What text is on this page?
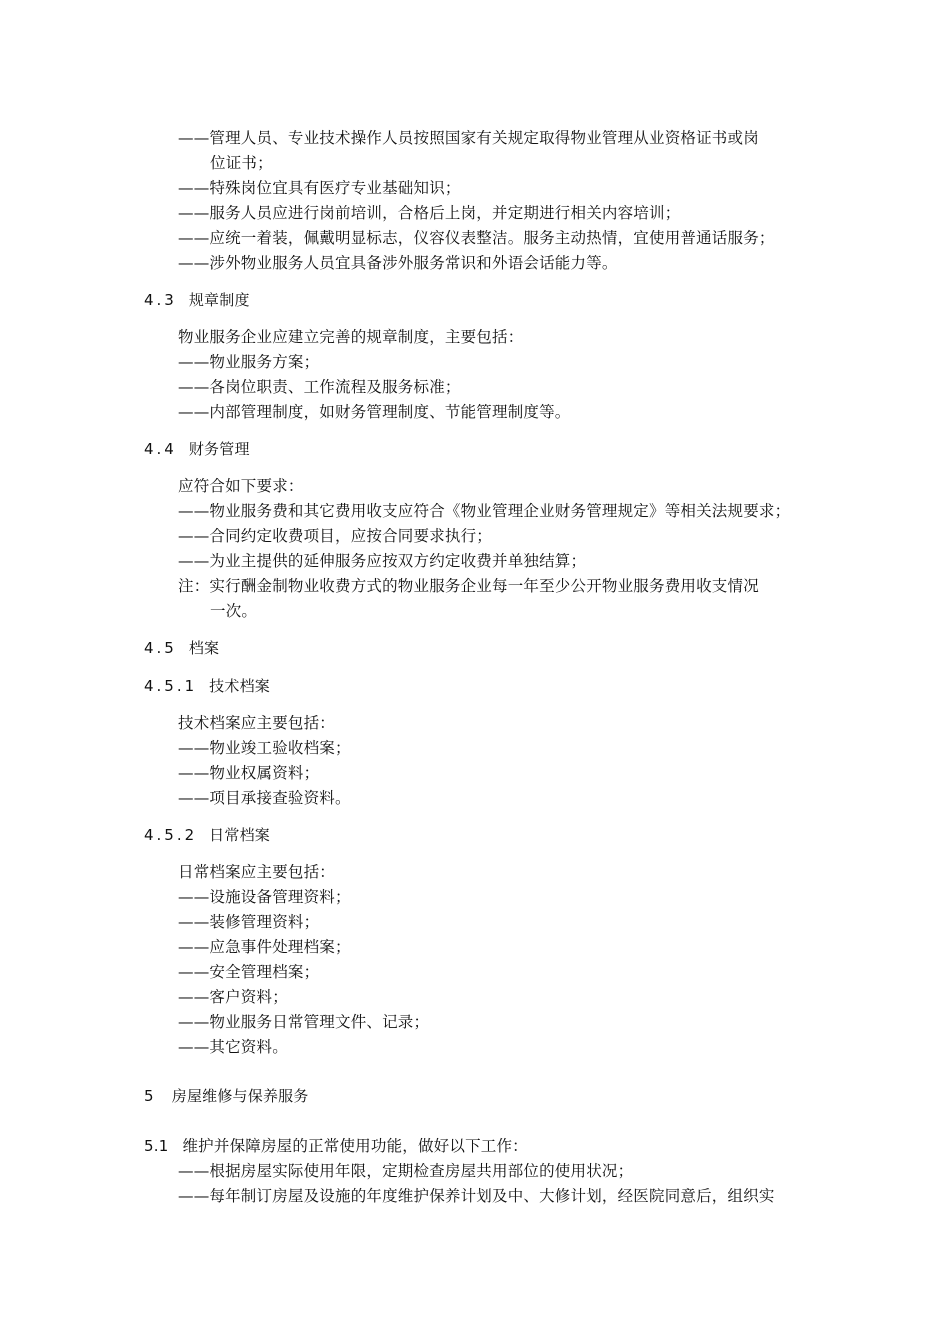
——管理人员、专业技术操作人员按照国家有关规定取得物业管理从业资格证书或岗
位证书；
——特殊岗位宜具有医疗专业基础知识；
——服务人员应进行岗前培训，合格后上岗，并定期进行相关内容培训；
——应统一着装，佩戴明显标志，仪容仪表整洁。服务主动热情，宜使用普通话服务；
——涉外物业服务人员宜具备涉外服务常识和外语会话能力等。
4.3 规章制度
物业服务企业应建立完善的规章制度，主要包括：
——物业服务方案；
——各岗位职责、工作流程及服务标准；
——内部管理制度，如财务管理制度、节能管理制度等。
4.4 财务管理
应符合如下要求：
——物业服务费和其它费用收支应符合《物业管理企业财务管理规定》等相关法规要求；
——合同约定收费项目，应按合同要求执行；
——为业主提供的延伸服务应按双方约定收费并单独结算；
注：实行酬金制物业收费方式的物业服务企业每一年至少公开物业服务费用收支情况
一次。
4.5 档案
4.5.1 技术档案
技术档案应主要包括：
——物业竣工验收档案；
——物业权属资料；
——项目承接查验资料。
4.5.2 日常档案
日常档案应主要包括：
——设施设备管理资料；
——装修管理资料；
——应急事件处理档案；
——安全管理档案；
——客户资料；
——物业服务日常管理文件、记录；
——其它资料。
5 房屋维修与保养服务
5.1 维护并保障房屋的正常使用功能，做好以下工作：
——根据房屋实际使用年限，定期检查房屋共用部位的使用状况；
——每年制订房屋及设施的年度维护保养计划及中、大修计划，经医院同意后，组织实
